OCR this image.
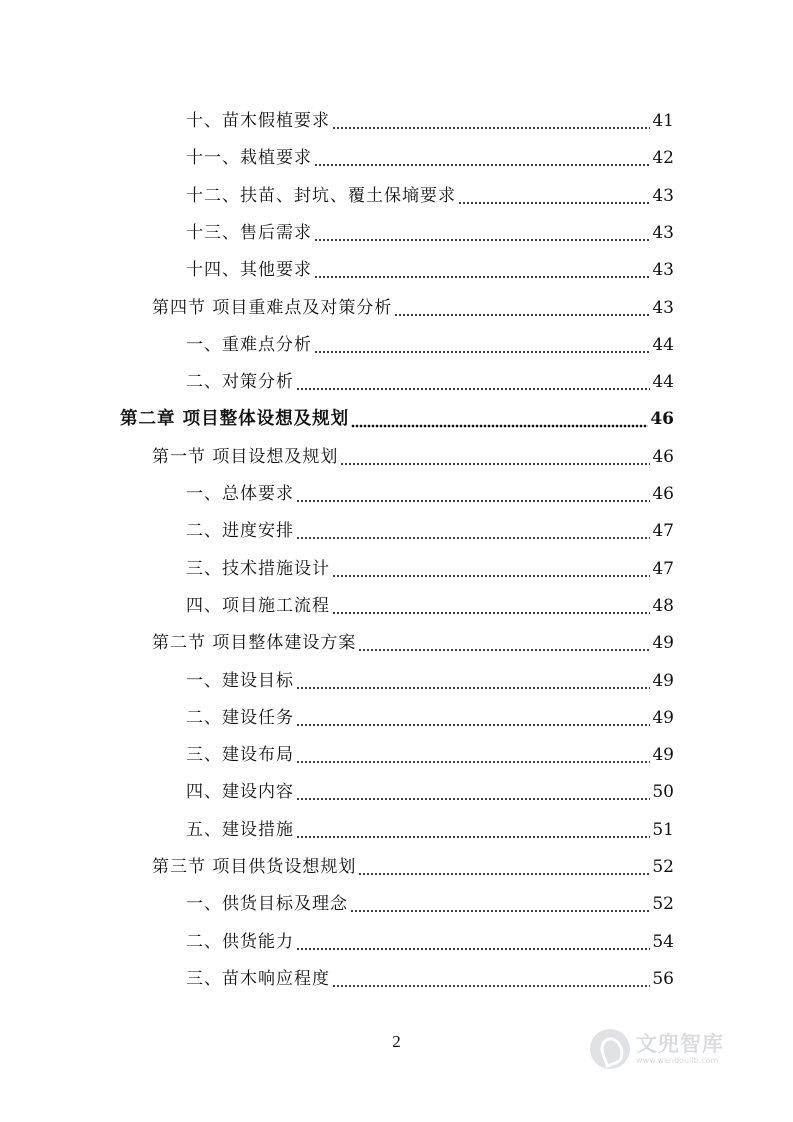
十、苗木假植要求	41
十一、栽植要求	42
十二、扶苗、封坑、覆土保墒要求	43
十三、售后需求	43
十四、其他要求	43
第四节 项目重难点及对策分析	43
一、重难点分析	44
二、对策分析	44
第二章 项目整体设想及规划	46
第一节 项目设想及规划	46
一、总体要求	46
二、进度安排	47
三、技术措施设计	47
四、项目施工流程	48
第二节 项目整体建设方案	49
一、建设目标	49
二、建设任务	49
三、建设布局	49
四、建设内容	50
五、建设措施	51
第三节 项目供货设想规划	52
一、供货目标及理念	52
二、供货能力	54
三、苗木响应程度	56
2	文兜智库
www.wendoulib.com
